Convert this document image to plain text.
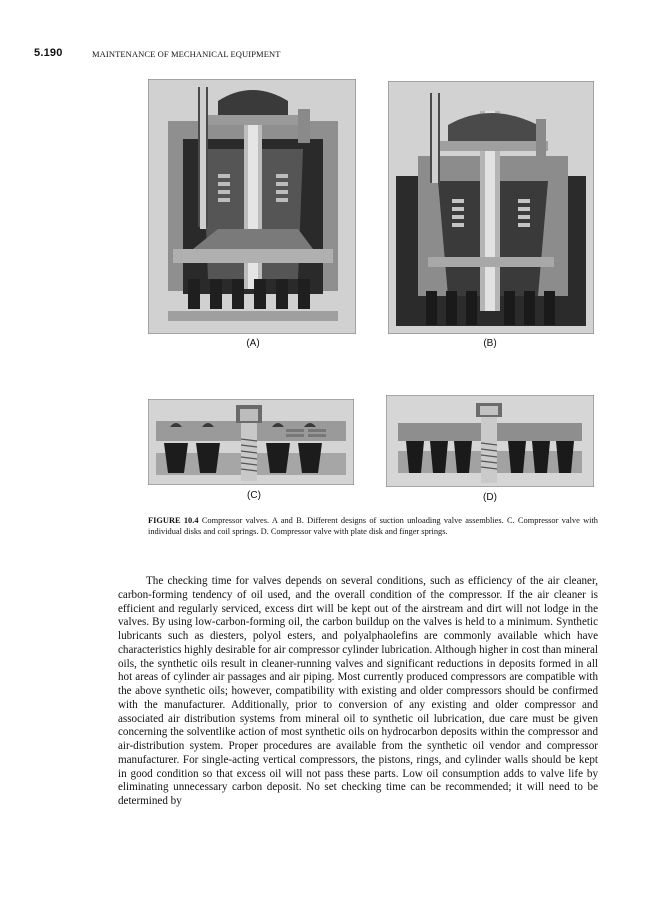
5.190	MAINTENANCE OF MECHANICAL EQUIPMENT
(A)	(B)
(C)	(D)
FIGURE 10.4 Compressor valves. A and B. Different designs of suction unloading valve assemblies. C. Compressor valve with individual disks and coil springs. D. Compressor valve with plate disk and finger springs.
The checking time for valves depends on several conditions, such as efficiency of the air cleaner, carbon-forming tendency of oil used, and the overall condition of the compressor. If the air cleaner is efficient and regularly serviced, excess dirt will be kept out of the airstream and dirt will not lodge in the valves. By using low-carbon-forming oil, the carbon buildup on the valves is held to a minimum. Synthetic lubricants such as diesters, polyol esters, and polyalphaolefins are commonly available which have characteristics highly desirable for air compressor cylinder lubrication. Although higher in cost than mineral oils, the synthetic oils result in cleaner-running valves and significant reductions in deposits formed in all hot areas of cylinder air passages and air piping. Most currently produced compressors are compatible with the above synthetic oils; however, compatibility with existing and older compressors should be confirmed with the manufacturer. Additionally, prior to conversion of any existing and older compressor and associated air distribution systems from mineral oil to synthetic oil lubrication, due care must be given concerning the solventlike action of most synthetic oils on hydrocarbon deposits within the compressor and air-distribution system. Proper procedures are available from the synthetic oil vendor and compressor manufacturer. For single-acting vertical compressors, the pistons, rings, and cylinder walls should be kept in good condition so that excess oil will not pass these parts. Low oil consumption adds to valve life by eliminating unnecessary carbon deposit. No set checking time can be recommended; it will need to be determined by
